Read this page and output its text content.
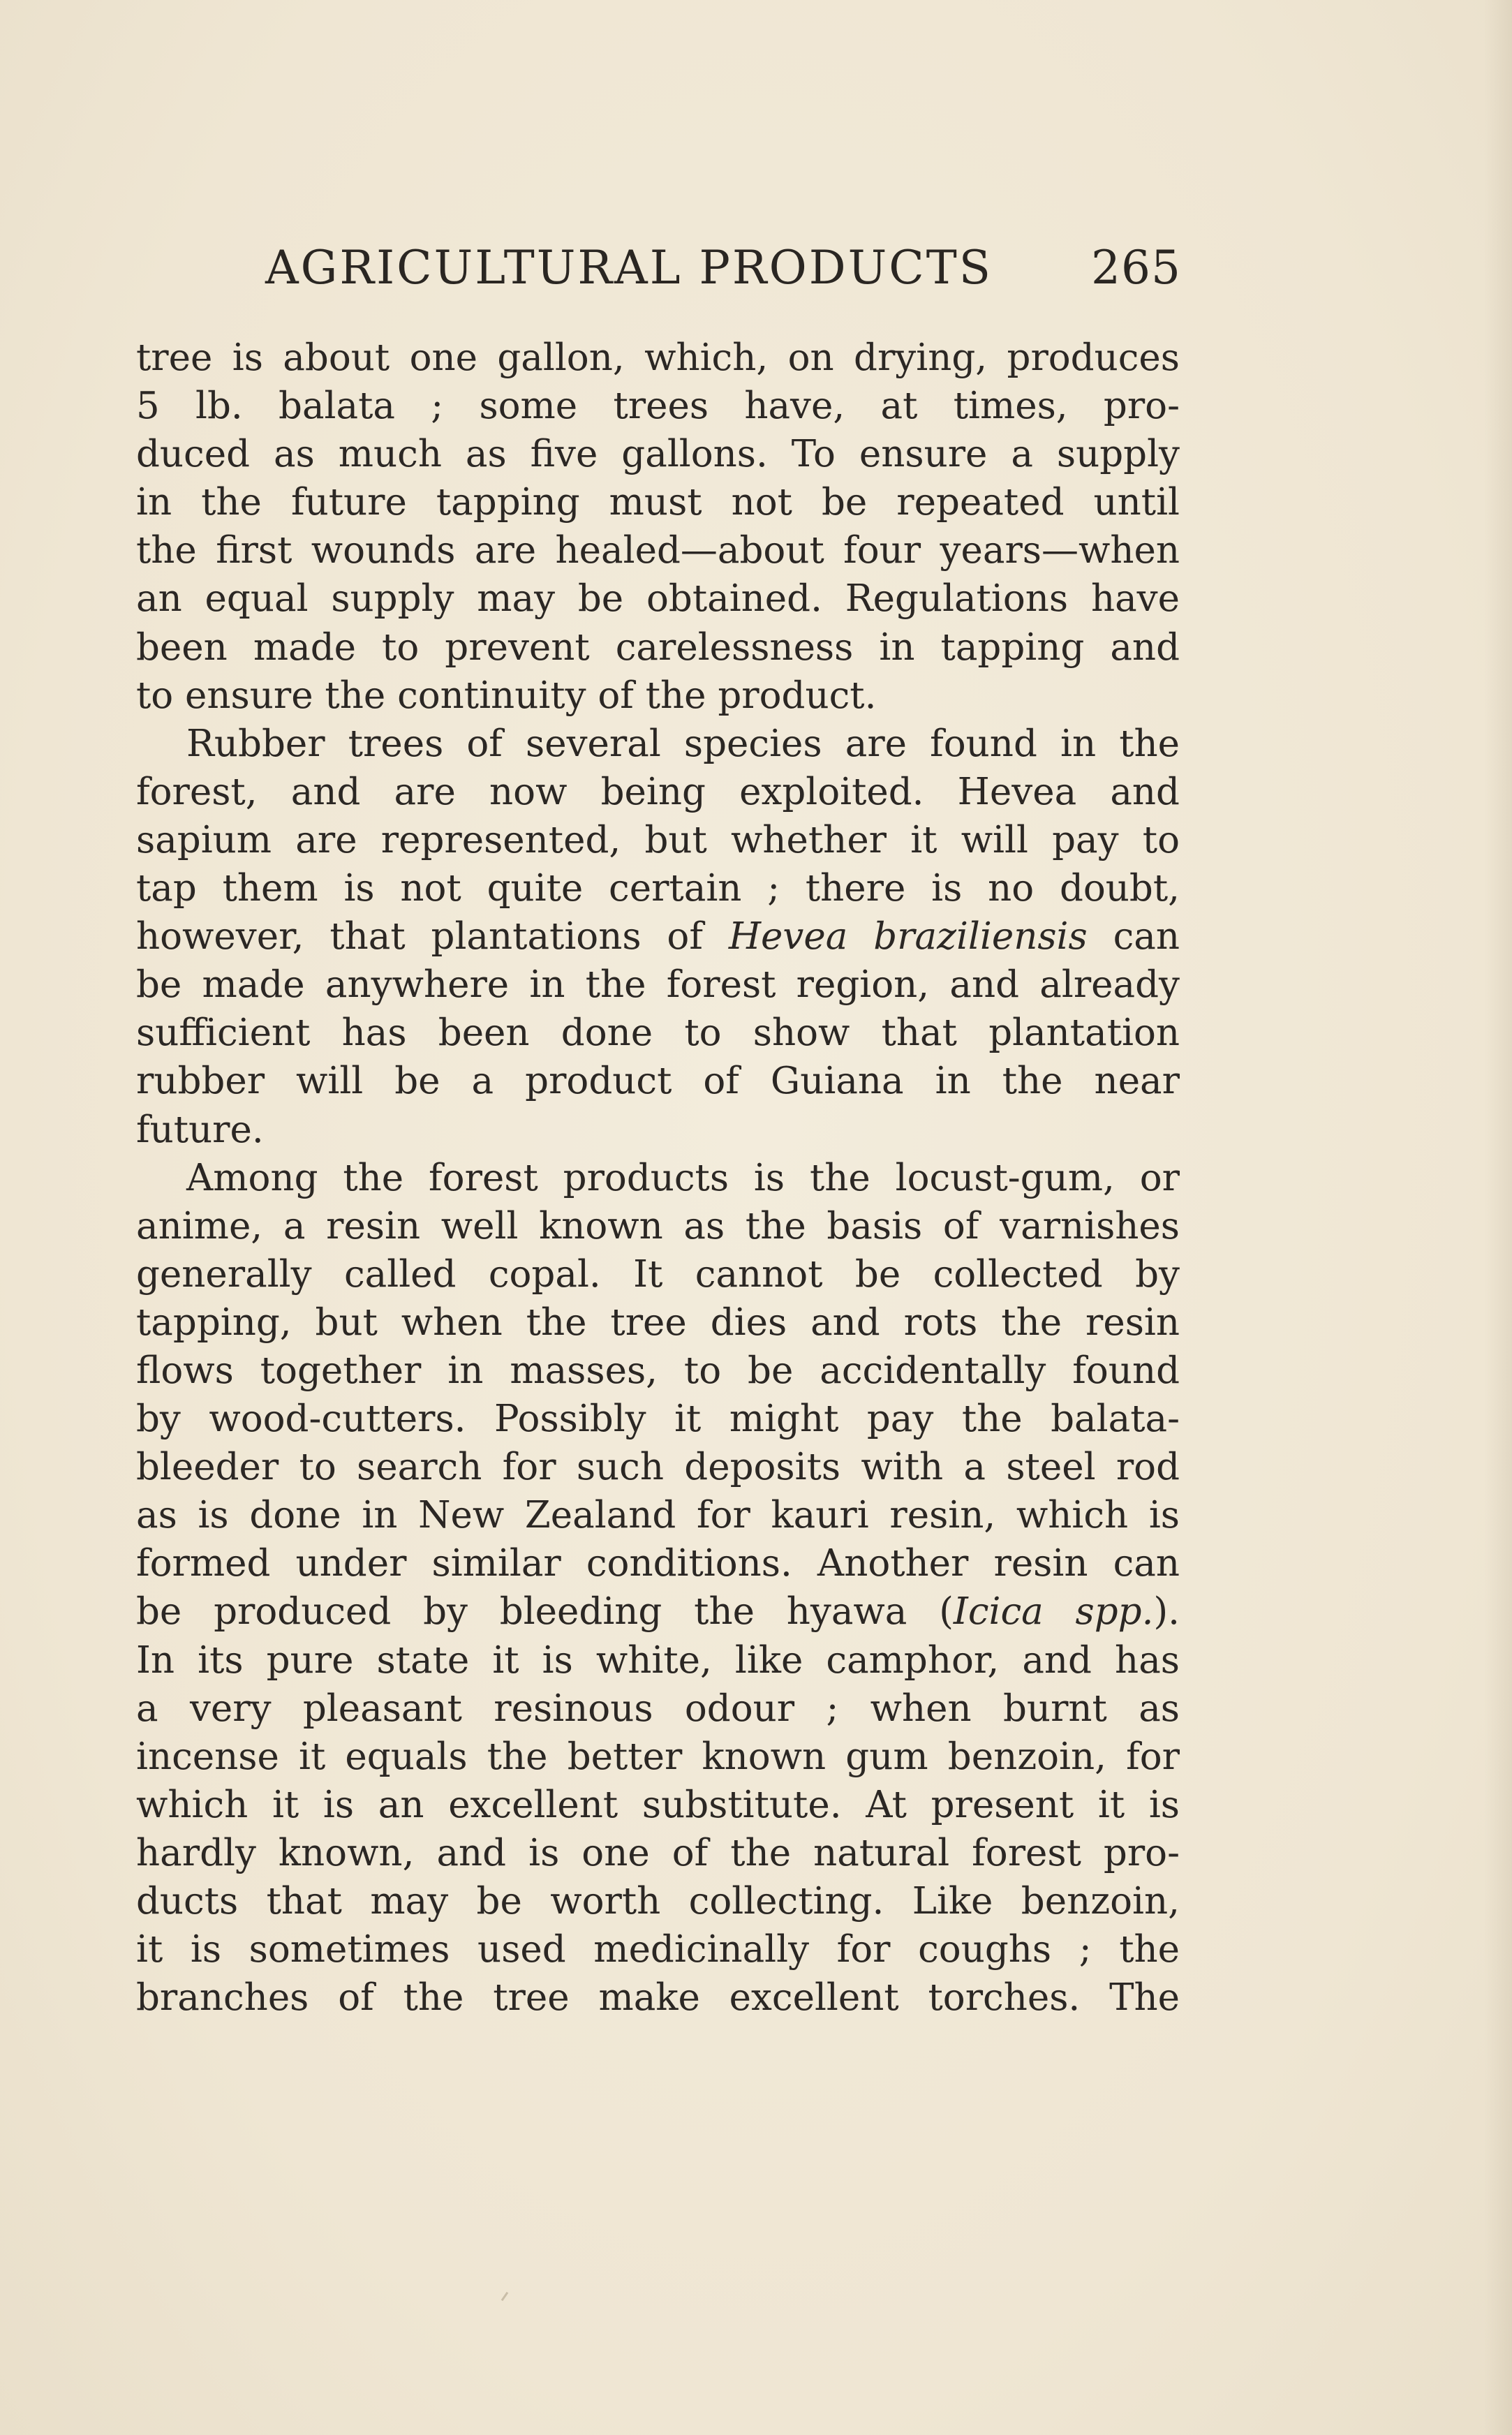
AGRICULTURAL PRODUCTS 265
tree is about one gallon, which, on drying, produces
5 lb. balata ; some trees have, at times, pro-
duced as much as five gallons. To ensure a supply
in the future tapping must not be repeated until
the first wounds are healed—about four years—when
an equal supply may be obtained. Regulations have
been made to prevent carelessness in tapping and
to ensure the continuity of the product.
Rubber trees of several species are found in the
forest, and are now being exploited. Hevea and
sapium are represented, but whether it will pay to
tap them is not quite certain ; there is no doubt,
however, that plantations of Hevea braziliensis can
be made anywhere in the forest region, and already
sufficient has been done to show that plantation
rubber will be a product of Guiana in the near
future.
Among the forest products is the locust-gum, or
anime, a resin well known as the basis of varnishes
generally called copal. It cannot be collected by
tapping, but when the tree dies and rots the resin
flows together in masses, to be accidentally found
by wood-cutters. Possibly it might pay the balata-
bleeder to search for such deposits with a steel rod
as is done in New Zealand for kauri resin, which is
formed under similar conditions. Another resin can
be produced by bleeding the hyawa (Icica spp.).
In its pure state it is white, like camphor, and has
a very pleasant resinous odour ; when burnt as
incense it equals the better known gum benzoin, for
which it is an excellent substitute. At present it is
hardly known, and is one of the natural forest pro-
ducts that may be worth collecting. Like benzoin,
it is sometimes used medicinally for coughs ; the
branches of the tree make excellent torches. The
